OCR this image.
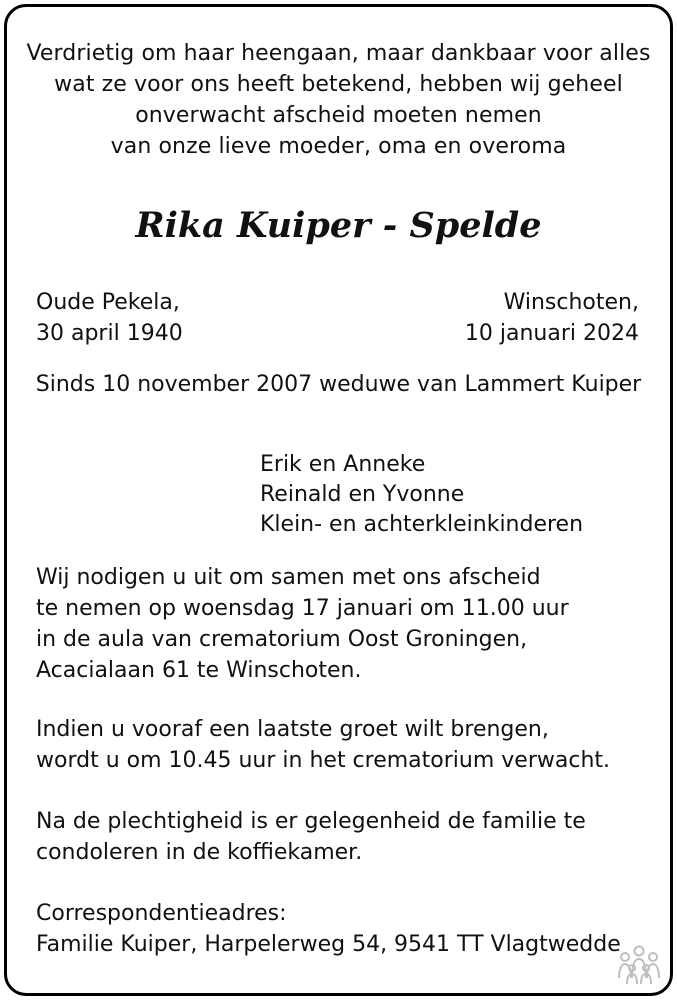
Verdrietig om haar heengaan, maar dankbaar voor alles
wat ze voor ons heeft betekend, hebben wij geheel
onverwacht afscheid moeten nemen
van onze lieve moeder, oma en overoma
Rika Kuiper - Spelde
Oude Pekela,
30 april 1940
Winschoten,
10 januari 2024
Sinds 10 november 2007 weduwe van Lammert Kuiper
Erik en Anneke
Reinald en Yvonne
Klein- en achterkleinkinderen
Wij nodigen u uit om samen met ons afscheid
te nemen op woensdag 17 januari om 11.00 uur
in de aula van crematorium Oost Groningen,
Acacialaan 61 te Winschoten.
Indien u vooraf een laatste groet wilt brengen,
wordt u om 10.45 uur in het crematorium verwacht.
Na de plechtigheid is er gelegenheid de familie te
condoleren in de koffiekamer.
Correspondentieadres:
Familie Kuiper, Harpelerweg 54, 9541 TT Vlagtwedde
